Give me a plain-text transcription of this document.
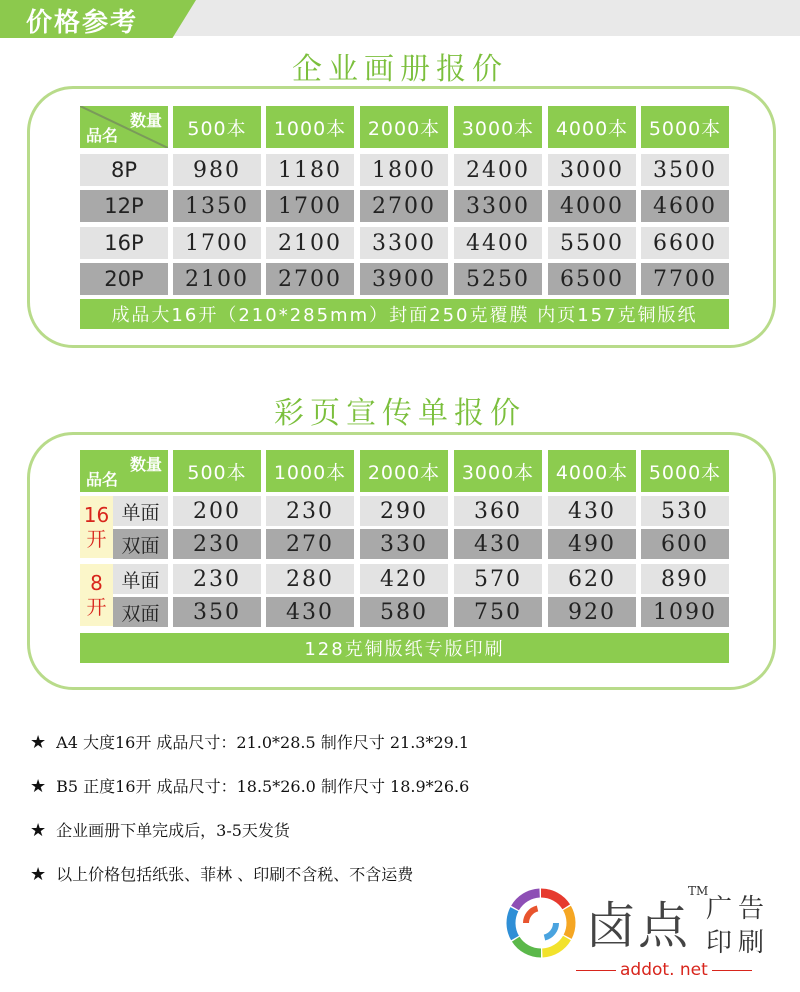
价格参考
企业画册报价
数量
品名	500本	1000本	2000本	3000本	4000本	5000本
8P	980	1180	1800	2400	3000	3500
12P	1350	1700	2700	3300	4000	4600
16P	1700	2100	3300	4400	5500	6600
20P	2100	2700	3900	5250	6500	7700
成品大16开（210*285mm）封面250克覆膜 内页157克铜版纸
彩页宣传单报价
数量
品名	500本	1000本	2000本	3000本	4000本	5000本
16
开
单面	200	230	290	360	430	530
双面	230	270	330	430	490	600
8
开
单面	230	280	420	570	620	890
双面	350	430	580	750	920	1090
128克铜版纸专版印刷
★ A4 大度16开 成品尺寸：21.0*28.5 制作尺寸 21.3*29.1
★ B5 正度16开 成品尺寸：18.5*26.0 制作尺寸 18.9*26.6
★ 企业画册下单完成后，3-5天发货
★ 以上价格包括纸张、菲林 、印刷不含税、不含运费
卤点
TM
广告
印刷
addot. net
